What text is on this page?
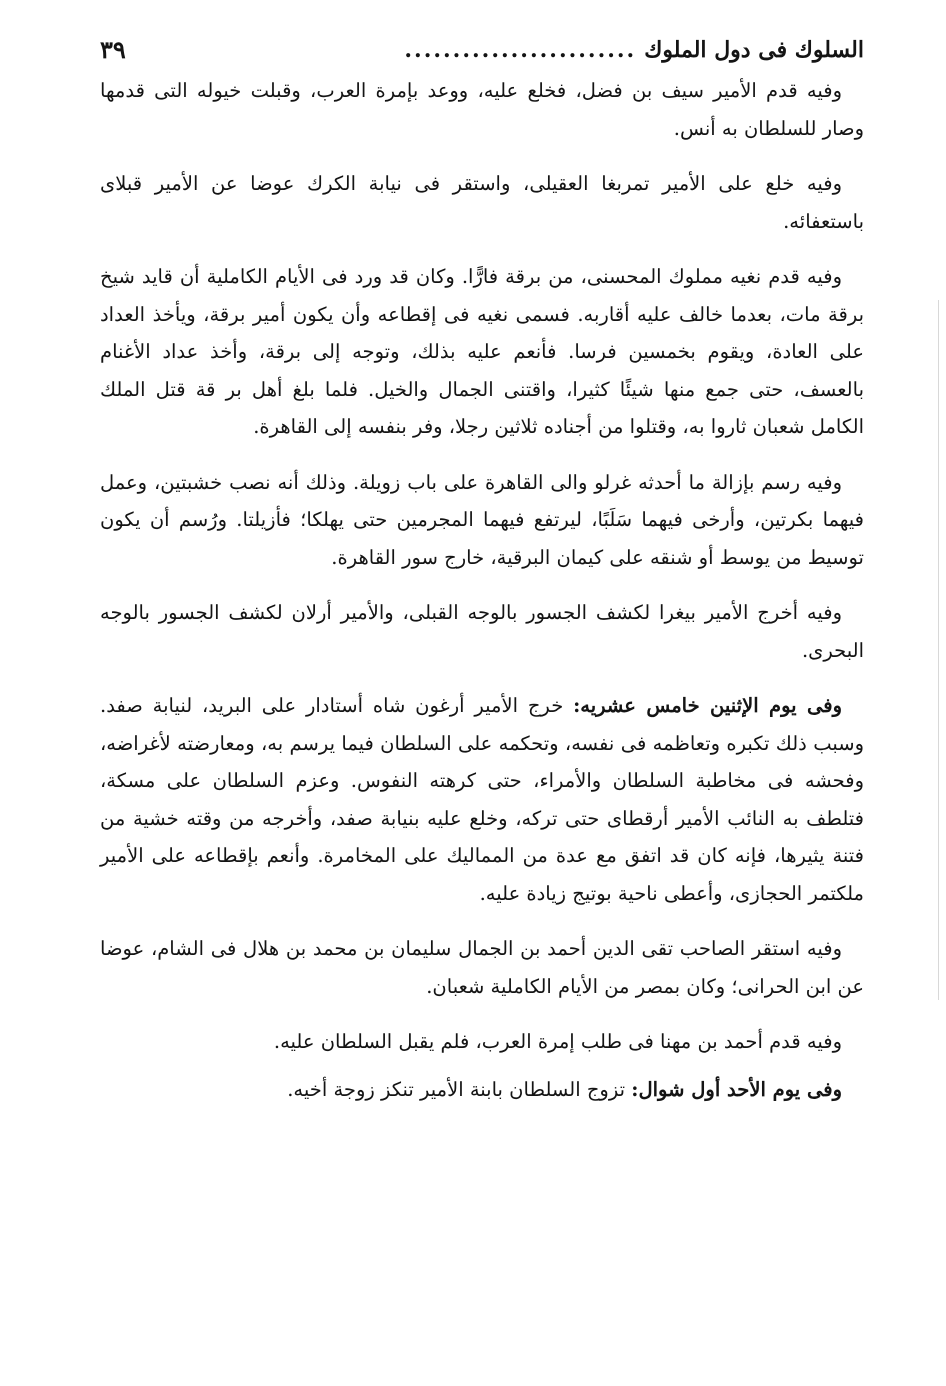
السلوك فى دول الملوك
........................
٣٩

وفيه قدم الأمير سيف بن فضل، فخلع عليه، ووعد بإمرة العرب، وقبلت خيوله التى قدمها وصار للسلطان به أنس.

وفيه خلع على الأمير تمربغا العقيلى، واستقر فى نيابة الكرك عوضا عن الأمير قبلاى باستعفائه.

وفيه قدم نغيه مملوك المحسنى، من برقة فارًّا. وكان قد ورد فى الأيام الكاملية أن قايد شيخ برقة مات، بعدما خالف عليه أقاربه. فسمى نغيه فى إقطاعه وأن يكون أمير برقة، ويأخذ العداد على العادة، ويقوم بخمسين فرسا. فأنعم عليه بذلك، وتوجه إلى برقة، وأخذ عداد الأغنام بالعسف، حتى جمع منها شيئًا كثيرا، واقتنى الجمال والخيل. فلما بلغ أهل بر قة قتل الملك الكامل شعبان ثاروا به، وقتلوا من أجناده ثلاثين رجلا، وفر بنفسه إلى القاهرة.

وفيه رسم بإزالة ما أحدثه غرلو والى القاهرة على باب زويلة. وذلك أنه نصب خشبتين، وعمل فيهما بكرتين، وأرخى فيهما سَلَبًا، ليرتفع فيهما المجرمين حتى يهلكا؛ فأزيلتا. ورُسم أن يكون توسيط من يوسط أو شنقه على كيمان البرقية، خارج سور القاهرة.

وفيه أخرج الأمير بيغرا لكشف الجسور بالوجه القبلى، والأمير أرلان لكشف الجسور بالوجه البحرى.

وفى يوم الإثنين خامس عشريه: خرج الأمير أرغون شاه أستادار على البريد، لنيابة صفد. وسبب ذلك تكبره وتعاظمه فى نفسه، وتحكمه على السلطان فيما يرسم به، ومعارضته لأغراضه، وفحشه فى مخاطبة السلطان والأمراء، حتى كرهته النفوس. وعزم السلطان على مسكة، فتلطف به النائب الأمير أرقطاى حتى تركه، وخلع عليه بنيابة صفد، وأخرجه من وقته خشية من فتنة يثيرها، فإنه كان قد اتفق مع عدة من المماليك على المخامرة. وأنعم بإقطاعه على الأمير ملكتمر الحجازى، وأعطى ناحية بوتيج زيادة عليه.

وفيه استقر الصاحب تقى الدين أحمد بن الجمال سليمان بن محمد بن هلال فى الشام، عوضا عن ابن الحرانى؛ وكان بمصر من الأيام الكاملية شعبان.

وفيه قدم أحمد بن مهنا فى طلب إمرة العرب، فلم يقبل السلطان عليه.

وفى يوم الأحد أول شوال: تزوج السلطان بابنة الأمير تنكز زوجة أخيه.
